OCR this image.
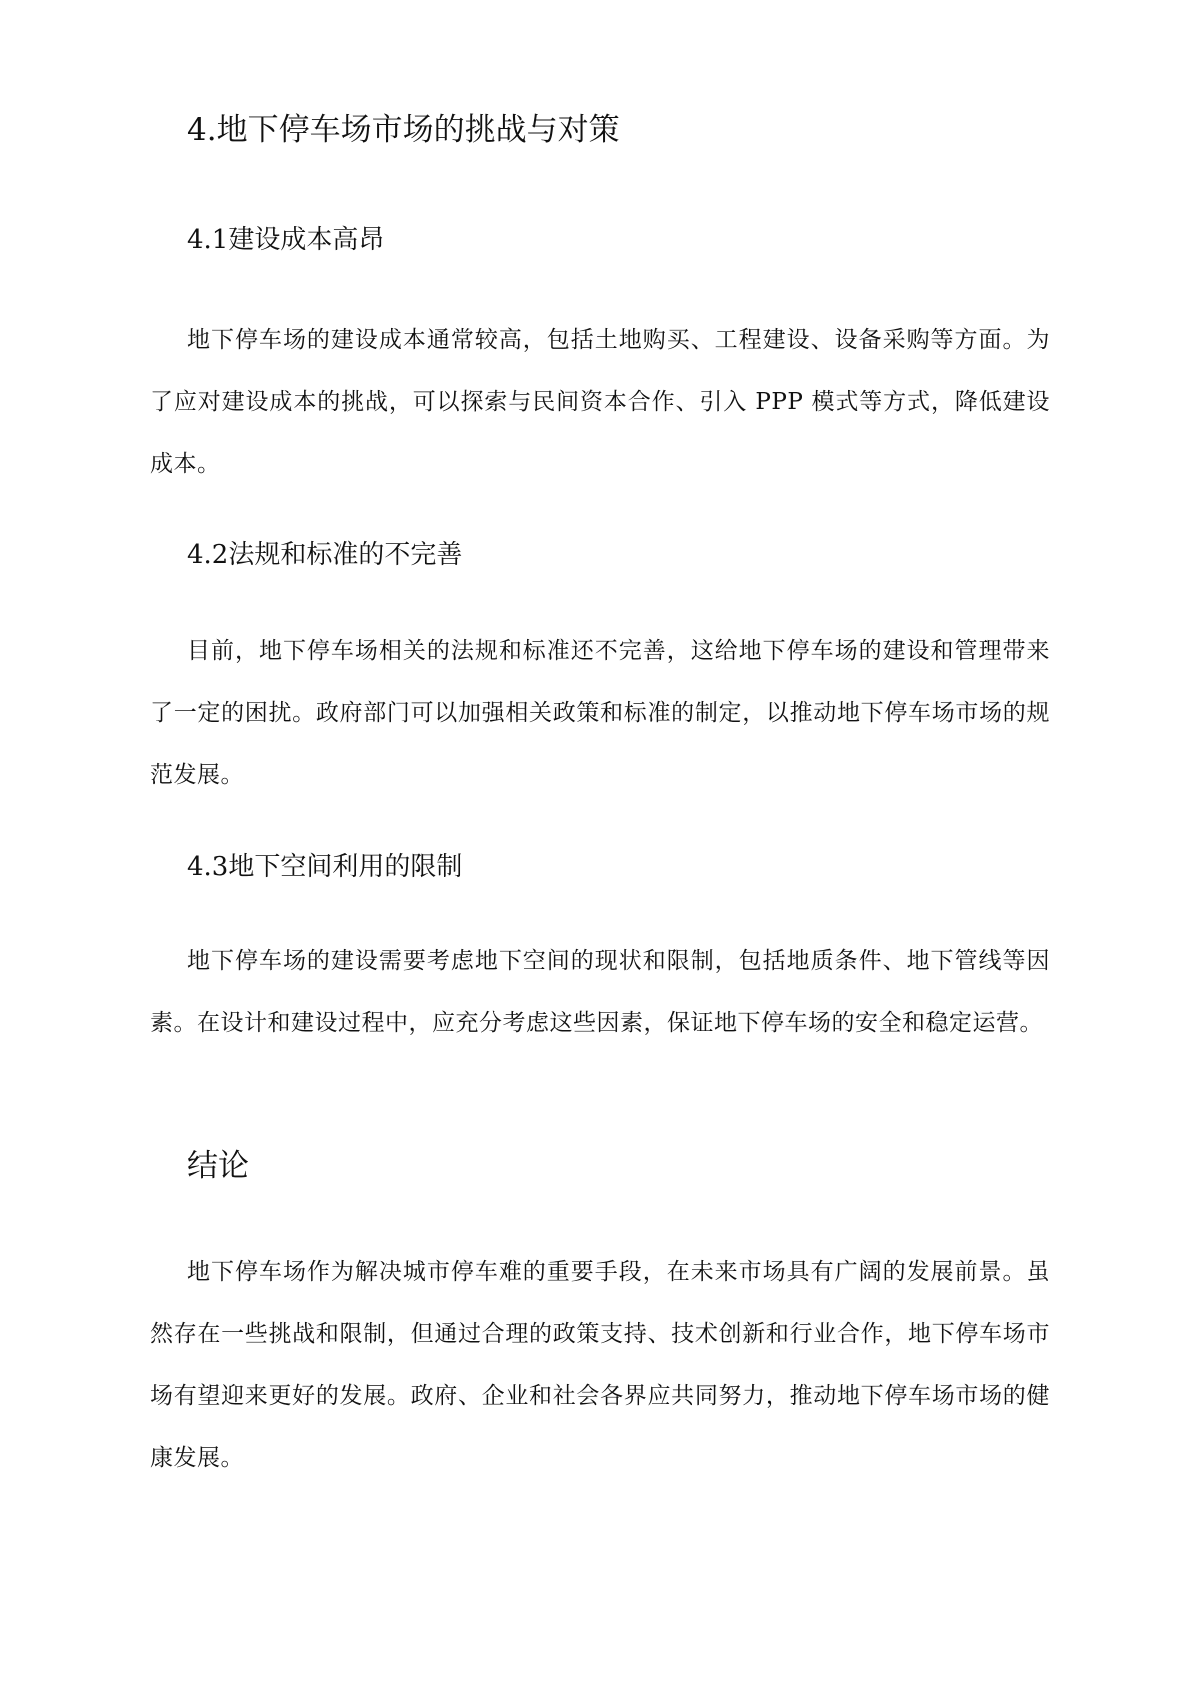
4.地下停车场市场的挑战与对策
4.1建设成本高昂

地下停车场的建设成本通常较高，包括土地购买、工程建设、设备采购等方面。为了应对建设成本的挑战，可以探索与民间资本合作、引入 PPP 模式等方式，降低建设成本。

4.2法规和标准的不完善

目前，地下停车场相关的法规和标准还不完善，这给地下停车场的建设和管理带来了一定的困扰。政府部门可以加强相关政策和标准的制定，以推动地下停车场市场的规范发展。

4.3地下空间利用的限制

地下停车场的建设需要考虑地下空间的现状和限制，包括地质条件、地下管线等因素。在设计和建设过程中，应充分考虑这些因素，保证地下停车场的安全和稳定运营。

结论

地下停车场作为解决城市停车难的重要手段，在未来市场具有广阔的发展前景。虽然存在一些挑战和限制，但通过合理的政策支持、技术创新和行业合作，地下停车场市场有望迎来更好的发展。政府、企业和社会各界应共同努力，推动地下停车场市场的健康发展。
